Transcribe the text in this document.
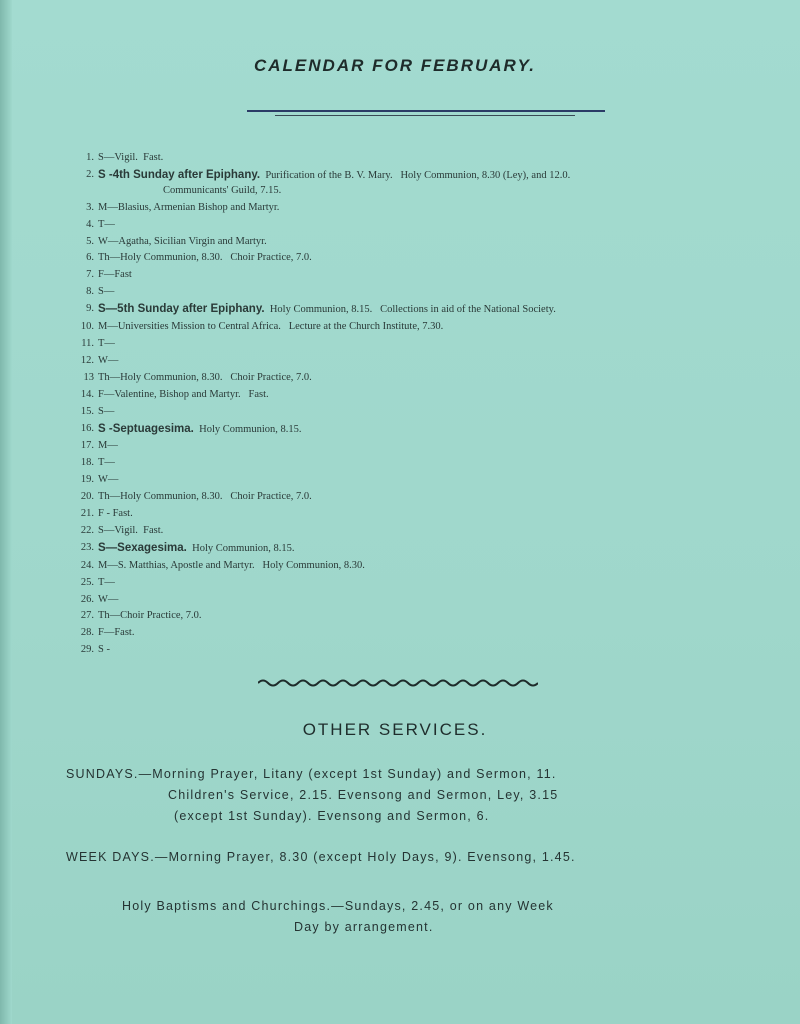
CALENDAR FOR FEBRUARY.
1. S—Vigil.  Fast.
2. S -4th Sunday after Epiphany.  Purification of the B. V. Mary.   Holy Communion, 8.30 (Ley), and 12.0.
Communicants' Guild, 7.15.
3. M—Blasius, Armenian Bishop and Martyr.
4. T—
5. W—Agatha, Sicilian Virgin and Martyr.
6. Th—Holy Communion, 8.30.   Choir Practice, 7.0.
7. F—Fast
8. S—
9. S—5th Sunday after Epiphany.  Holy Communion, 8.15.   Collections in aid of the National Society.
10. M—Universities Mission to Central Africa.   Lecture at the Church Institute, 7.30.
11. T—
12. W—
13 Th—Holy Communion, 8.30.   Choir Practice, 7.0.
14. F—Valentine, Bishop and Martyr.   Fast.
15. S—
16. S -Septuagesima.  Holy Communion, 8.15.
17. M—
18. T—
19. W—
20. Th—Holy Communion, 8.30.   Choir Practice, 7.0.
21. F - Fast.
22. S—Vigil.  Fast.
23. S—Sexagesima.  Holy Communion, 8.15.
24. M—S. Matthias, Apostle and Martyr.   Holy Communion, 8.30.
25. T—
26. W—
27. Th—Choir Practice, 7.0.
28. F—Fast.
29. S -
OTHER SERVICES.
SUNDAYS.—Morning Prayer, Litany (except 1st Sunday) and Sermon, 11.
Children's Service, 2.15. Evensong and Sermon, Ley, 3.15
(except 1st Sunday). Evensong and Sermon, 6.
WEEK DAYS.—Morning Prayer, 8.30 (except Holy Days, 9). Evensong, 1.45.
Holy Baptisms and Churchings.—Sundays, 2.45, or on any Week
Day by arrangement.
